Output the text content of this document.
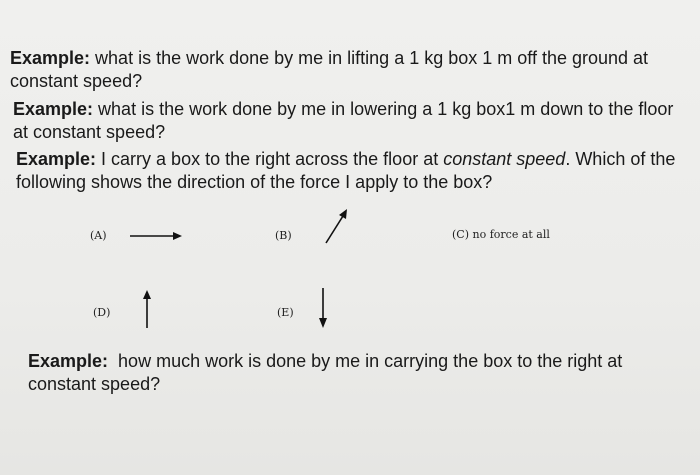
Example: what is the work done by me in lifting a 1 kg box 1 m off the ground at constant speed?

Example: what is the work done by me in lowering a 1 kg box1 m down to the floor at constant speed?

Example: I carry a box to the right across the floor at constant speed. Which of the following shows the direction of the force I apply to the box?

(A)	(B)	(C) no force at all
(D)	(E)

Example:  how much work is done by me in carrying the box to the right at constant speed?
